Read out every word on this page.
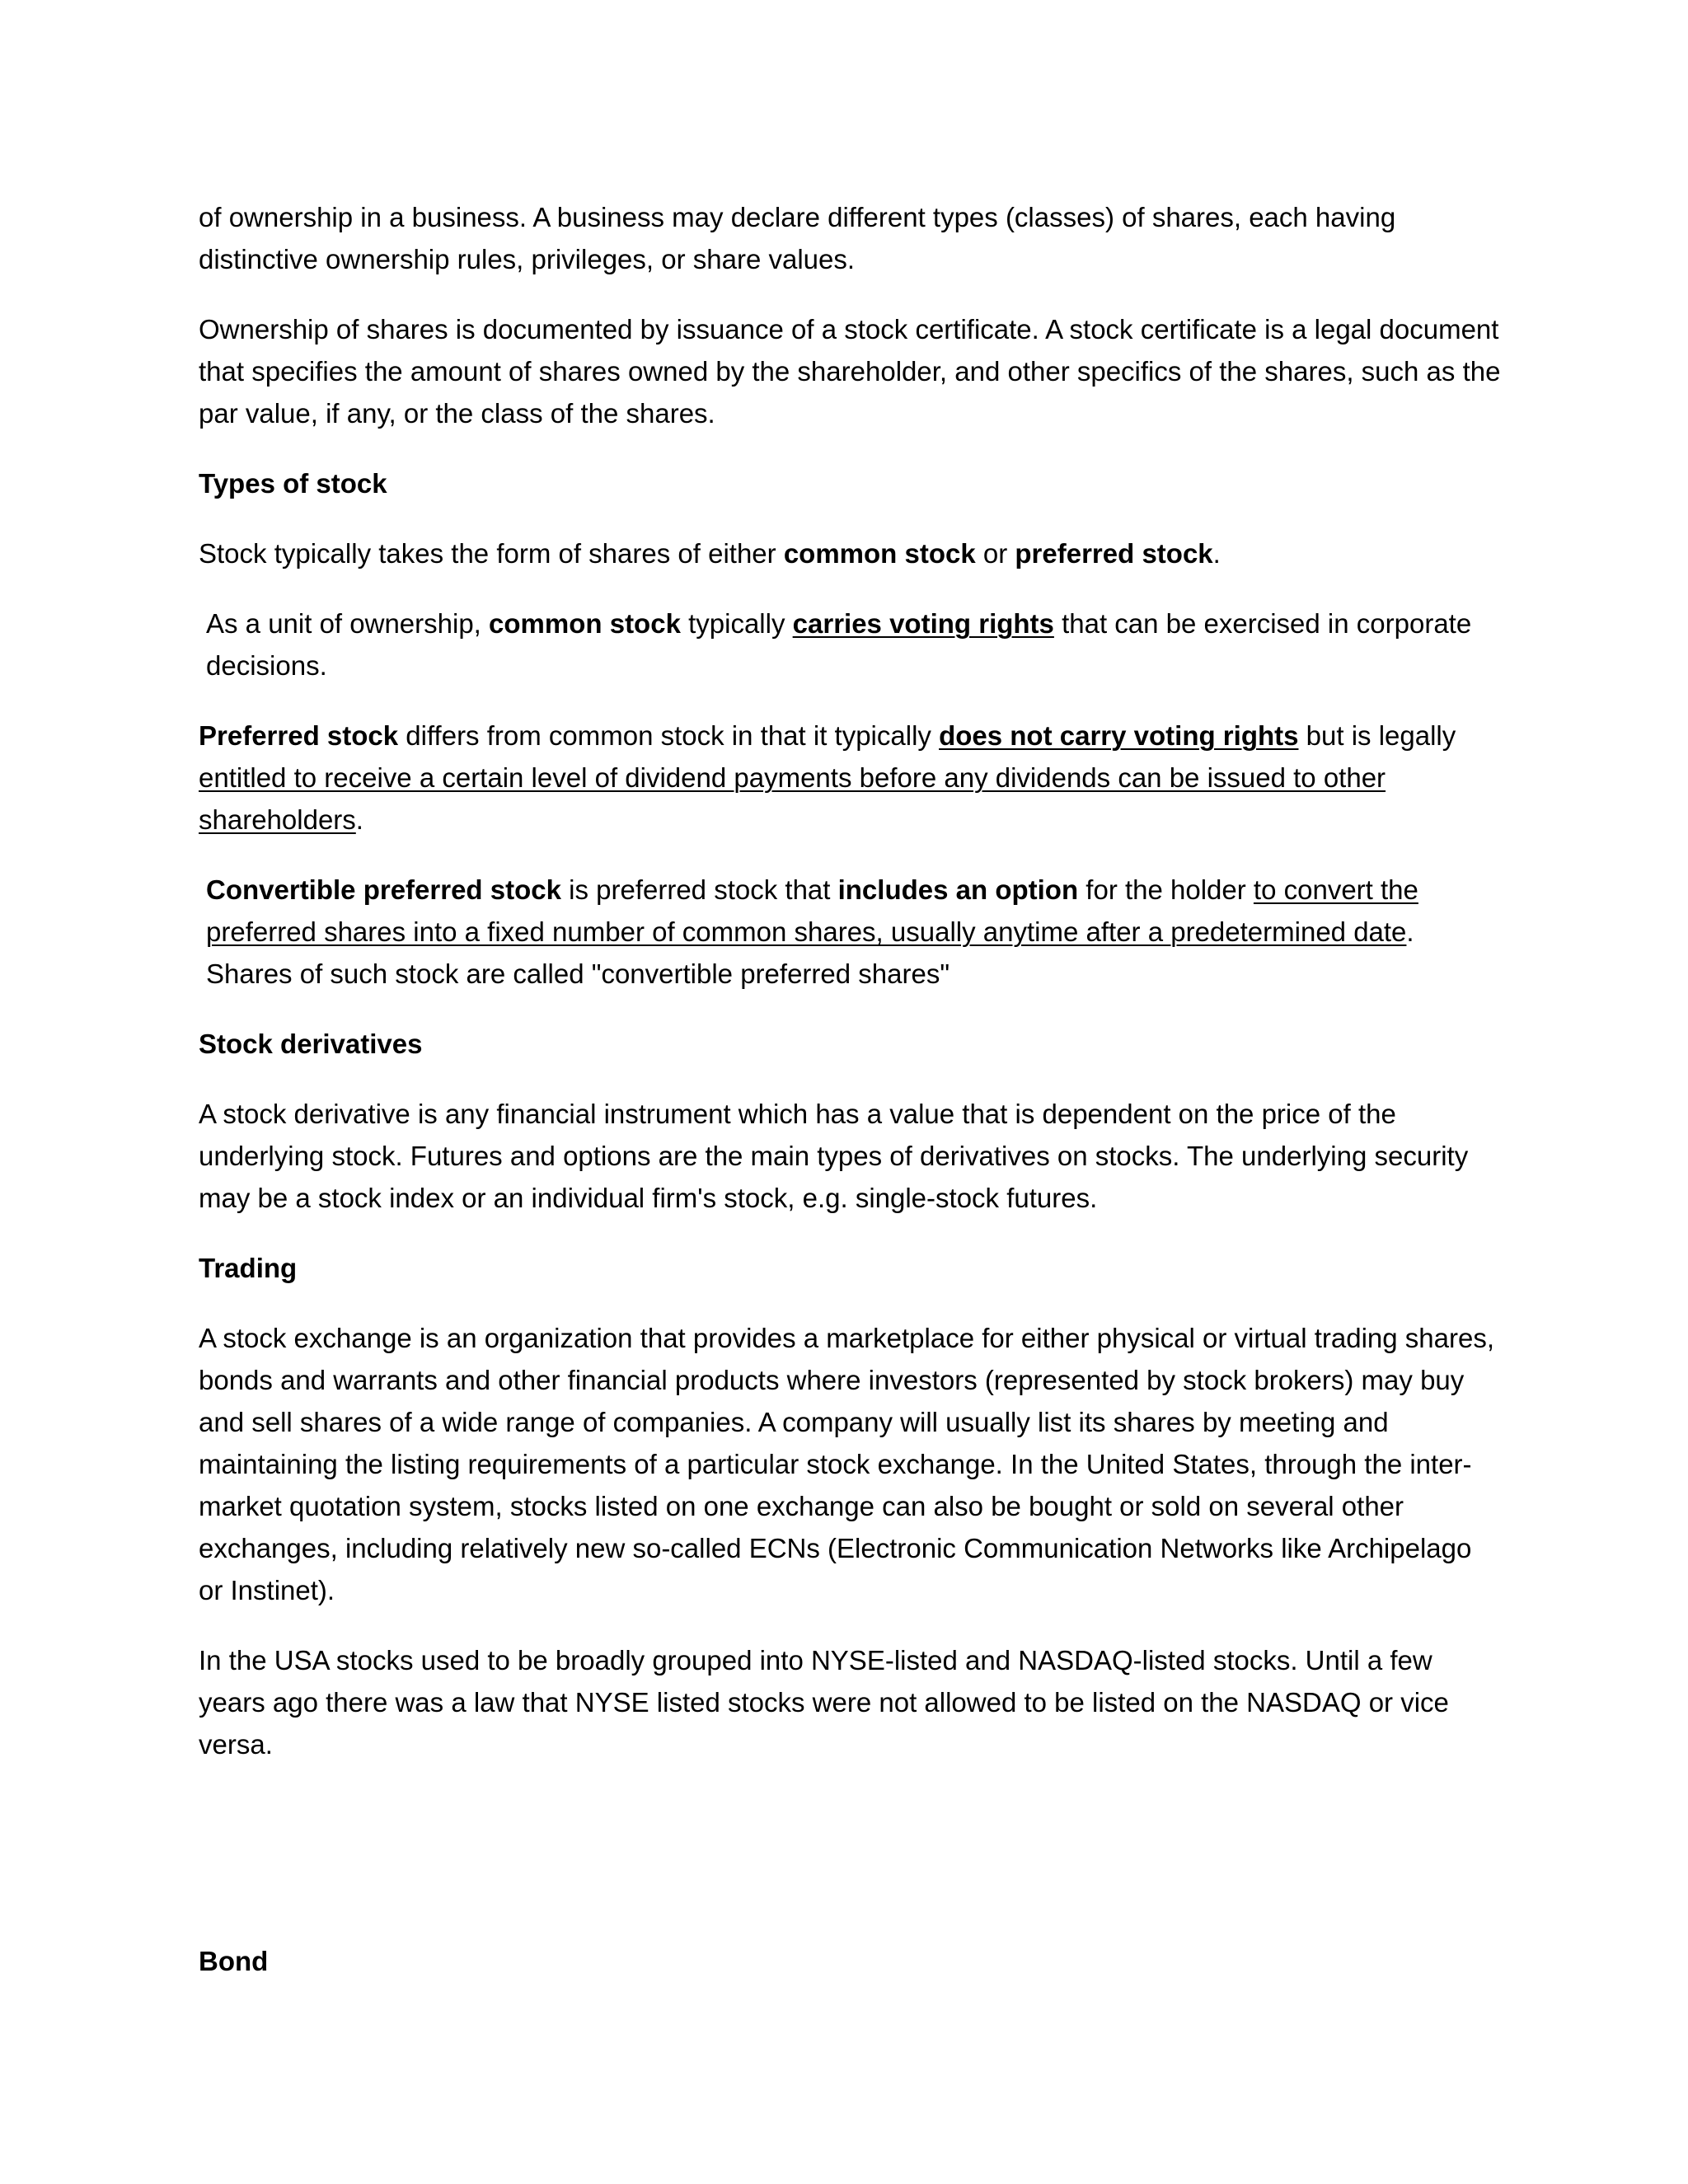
of ownership in a business. A business may declare different types (classes) of shares, each having distinctive ownership rules, privileges, or share values.

Ownership of shares is documented by issuance of a stock certificate. A stock certificate is a legal document that specifies the amount of shares owned by the shareholder, and other specifics of the shares, such as the par value, if any, or the class of the shares.

Types of stock

Stock typically takes the form of shares of either common stock or preferred stock.

As a unit of ownership, common stock typically carries voting rights that can be exercised in corporate decisions.

Preferred stock differs from common stock in that it typically does not carry voting rights but is legally entitled to receive a certain level of dividend payments before any dividends can be issued to other shareholders.

Convertible preferred stock is preferred stock that includes an option for the holder to convert the preferred shares into a fixed number of common shares, usually anytime after a predetermined date. Shares of such stock are called "convertible preferred shares"

Stock derivatives

A stock derivative is any financial instrument which has a value that is dependent on the price of the underlying stock. Futures and options are the main types of derivatives on stocks. The underlying security may be a stock index or an individual firm's stock, e.g. single-stock futures.

Trading

A stock exchange is an organization that provides a marketplace for either physical or virtual trading shares, bonds and warrants and other financial products where investors (represented by stock brokers) may buy and sell shares of a wide range of companies. A company will usually list its shares by meeting and maintaining the listing requirements of a particular stock exchange. In the United States, through the inter-market quotation system, stocks listed on one exchange can also be bought or sold on several other exchanges, including relatively new so-called ECNs (Electronic Communication Networks like Archipelago or Instinet).

In the USA stocks used to be broadly grouped into NYSE-listed and NASDAQ-listed stocks. Until a few years ago there was a law that NYSE listed stocks were not allowed to be listed on the NASDAQ or vice versa.

Bond
